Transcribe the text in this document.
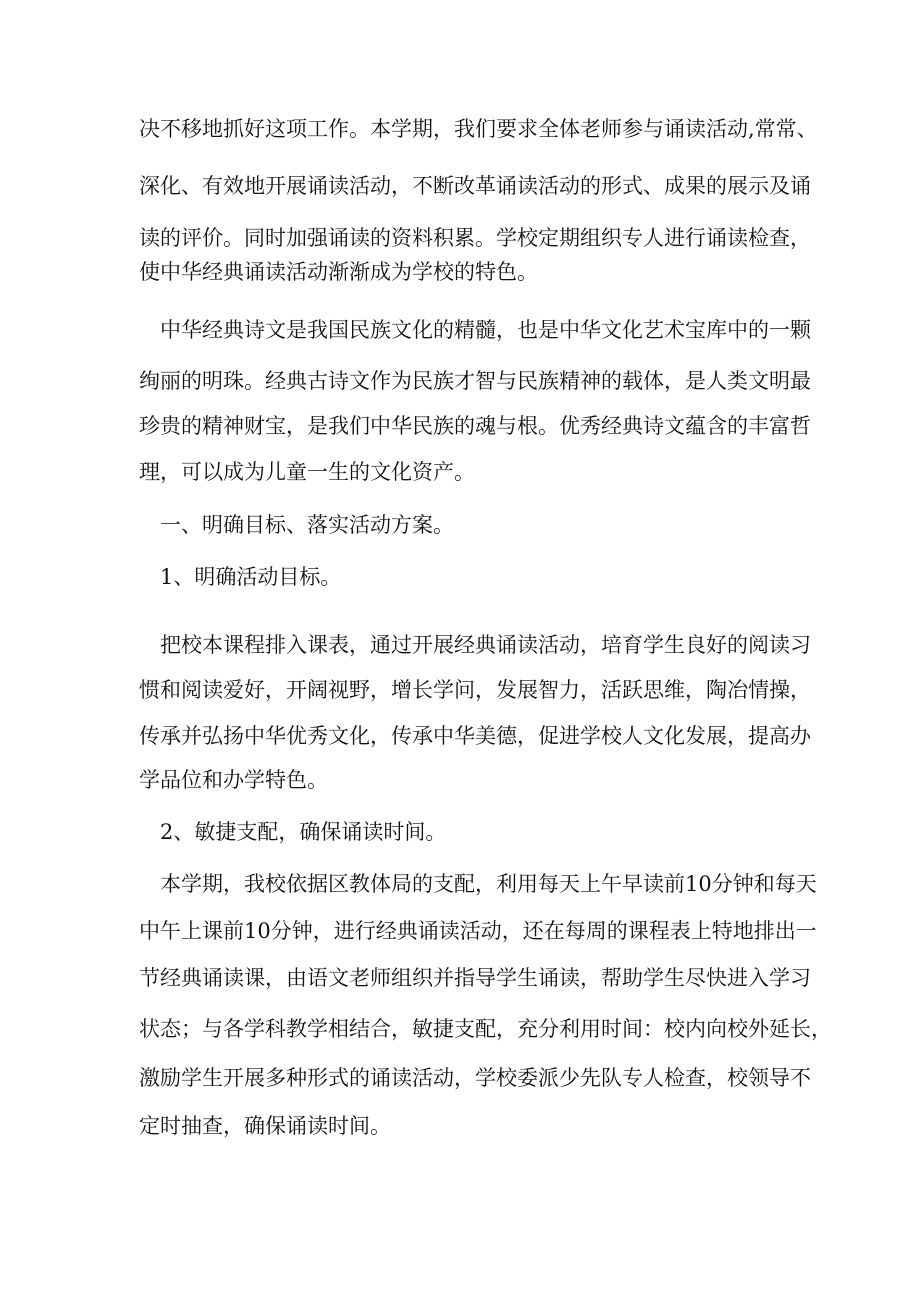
决不移地抓好这项工作。本学期，我们要求全体老师参与诵读活动,常常、
深化、有效地开展诵读活动，不断改革诵读活动的形式、成果的展示及诵
读的评价。同时加强诵读的资料积累。学校定期组织专人进行诵读检查，
使中华经典诵读活动渐渐成为学校的特色。
中华经典诗文是我国民族文化的精髓，也是中华文化艺术宝库中的一颗
绚丽的明珠。经典古诗文作为民族才智与民族精神的载体，是人类文明最
珍贵的精神财宝，是我们中华民族的魂与根。优秀经典诗文蕴含的丰富哲
理，可以成为儿童一生的文化资产。
一、明确目标、落实活动方案。
1、明确活动目标。
把校本课程排入课表，通过开展经典诵读活动，培育学生良好的阅读习
惯和阅读爱好，开阔视野，增长学问，发展智力，活跃思维，陶冶情操，
传承并弘扬中华优秀文化，传承中华美德，促进学校人文化发展，提高办
学品位和办学特色。
2、敏捷支配，确保诵读时间。
本学期，我校依据区教体局的支配，利用每天上午早读前10分钟和每天
中午上课前10分钟，进行经典诵读活动，还在每周的课程表上特地排出一
节经典诵读课，由语文老师组织并指导学生诵读，帮助学生尽快进入学习
状态；与各学科教学相结合，敏捷支配，充分利用时间：校内向校外延长，
激励学生开展多种形式的诵读活动，学校委派少先队专人检查，校领导不
定时抽查，确保诵读时间。
